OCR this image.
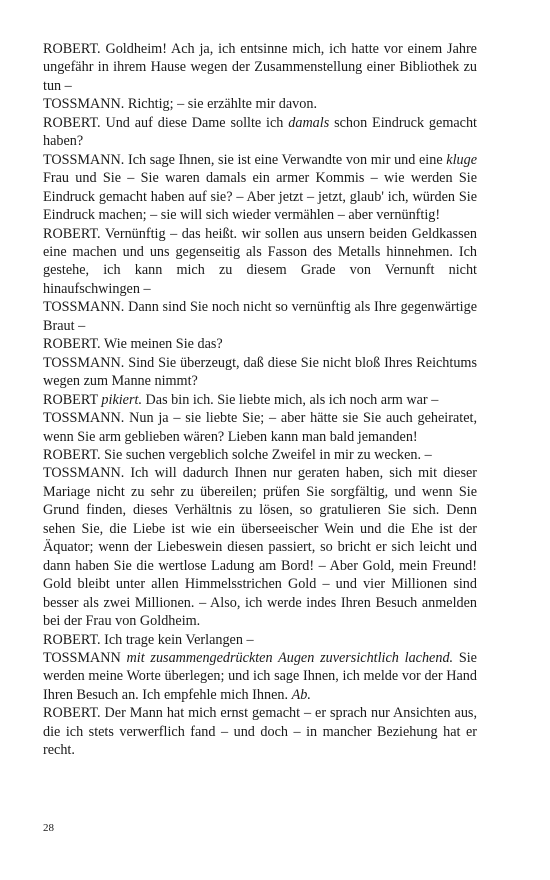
ROBERT. Goldheim! Ach ja, ich entsinne mich, ich hatte vor einem Jahre ungefähr in ihrem Hause wegen der Zusammenstellung einer Bibliothek zu tun –

TOSSMANN. Richtig; – sie erzählte mir davon.

ROBERT. Und auf diese Dame sollte ich damals schon Eindruck gemacht haben?

TOSSMANN. Ich sage Ihnen, sie ist eine Verwandte von mir und eine kluge Frau und Sie – Sie waren damals ein armer Kommis – wie werden Sie Eindruck gemacht haben auf sie? – Aber jetzt – jetzt, glaub' ich, würden Sie Eindruck machen; – sie will sich wieder vermählen – aber vernünftig!

ROBERT. Vernünftig – das heißt. wir sollen aus unsern beiden Geldkassen eine machen und uns gegenseitig als Fasson des Metalls hinnehmen. Ich gestehe, ich kann mich zu diesem Grade von Vernunft nicht hinaufschwingen –

TOSSMANN. Dann sind Sie noch nicht so vernünftig als Ihre gegenwärtige Braut –

ROBERT. Wie meinen Sie das?

TOSSMANN. Sind Sie überzeugt, daß diese Sie nicht bloß Ihres Reichtums wegen zum Manne nimmt?

ROBERT pikiert. Das bin ich. Sie liebte mich, als ich noch arm war –

TOSSMANN. Nun ja – sie liebte Sie; – aber hätte sie Sie auch geheiratet, wenn Sie arm geblieben wären? Lieben kann man bald jemanden!

ROBERT. Sie suchen vergeblich solche Zweifel in mir zu wecken. –

TOSSMANN. Ich will dadurch Ihnen nur geraten haben, sich mit dieser Mariage nicht zu sehr zu übereilen; prüfen Sie sorgfältig, und wenn Sie Grund finden, dieses Verhältnis zu lösen, so gratulieren Sie sich. Denn sehen Sie, die Liebe ist wie ein überseeischer Wein und die Ehe ist der Äquator; wenn der Liebeswein diesen passiert, so bricht er sich leicht und dann haben Sie die wertlose Ladung am Bord! – Aber Gold, mein Freund! Gold bleibt unter allen Himmelsstrichen Gold – und vier Millionen sind besser als zwei Millionen. – Also, ich werde indes Ihren Besuch anmelden bei der Frau von Goldheim.

ROBERT. Ich trage kein Verlangen –

TOSSMANN mit zusammengedrückten Augen zuversichtlich lachend. Sie werden meine Worte überlegen; und ich sage Ihnen, ich melde vor der Hand Ihren Besuch an. Ich empfehle mich Ihnen. Ab.

ROBERT. Der Mann hat mich ernst gemacht – er sprach nur Ansichten aus, die ich stets verwerflich fand – und doch – in mancher Beziehung hat er recht.

28
